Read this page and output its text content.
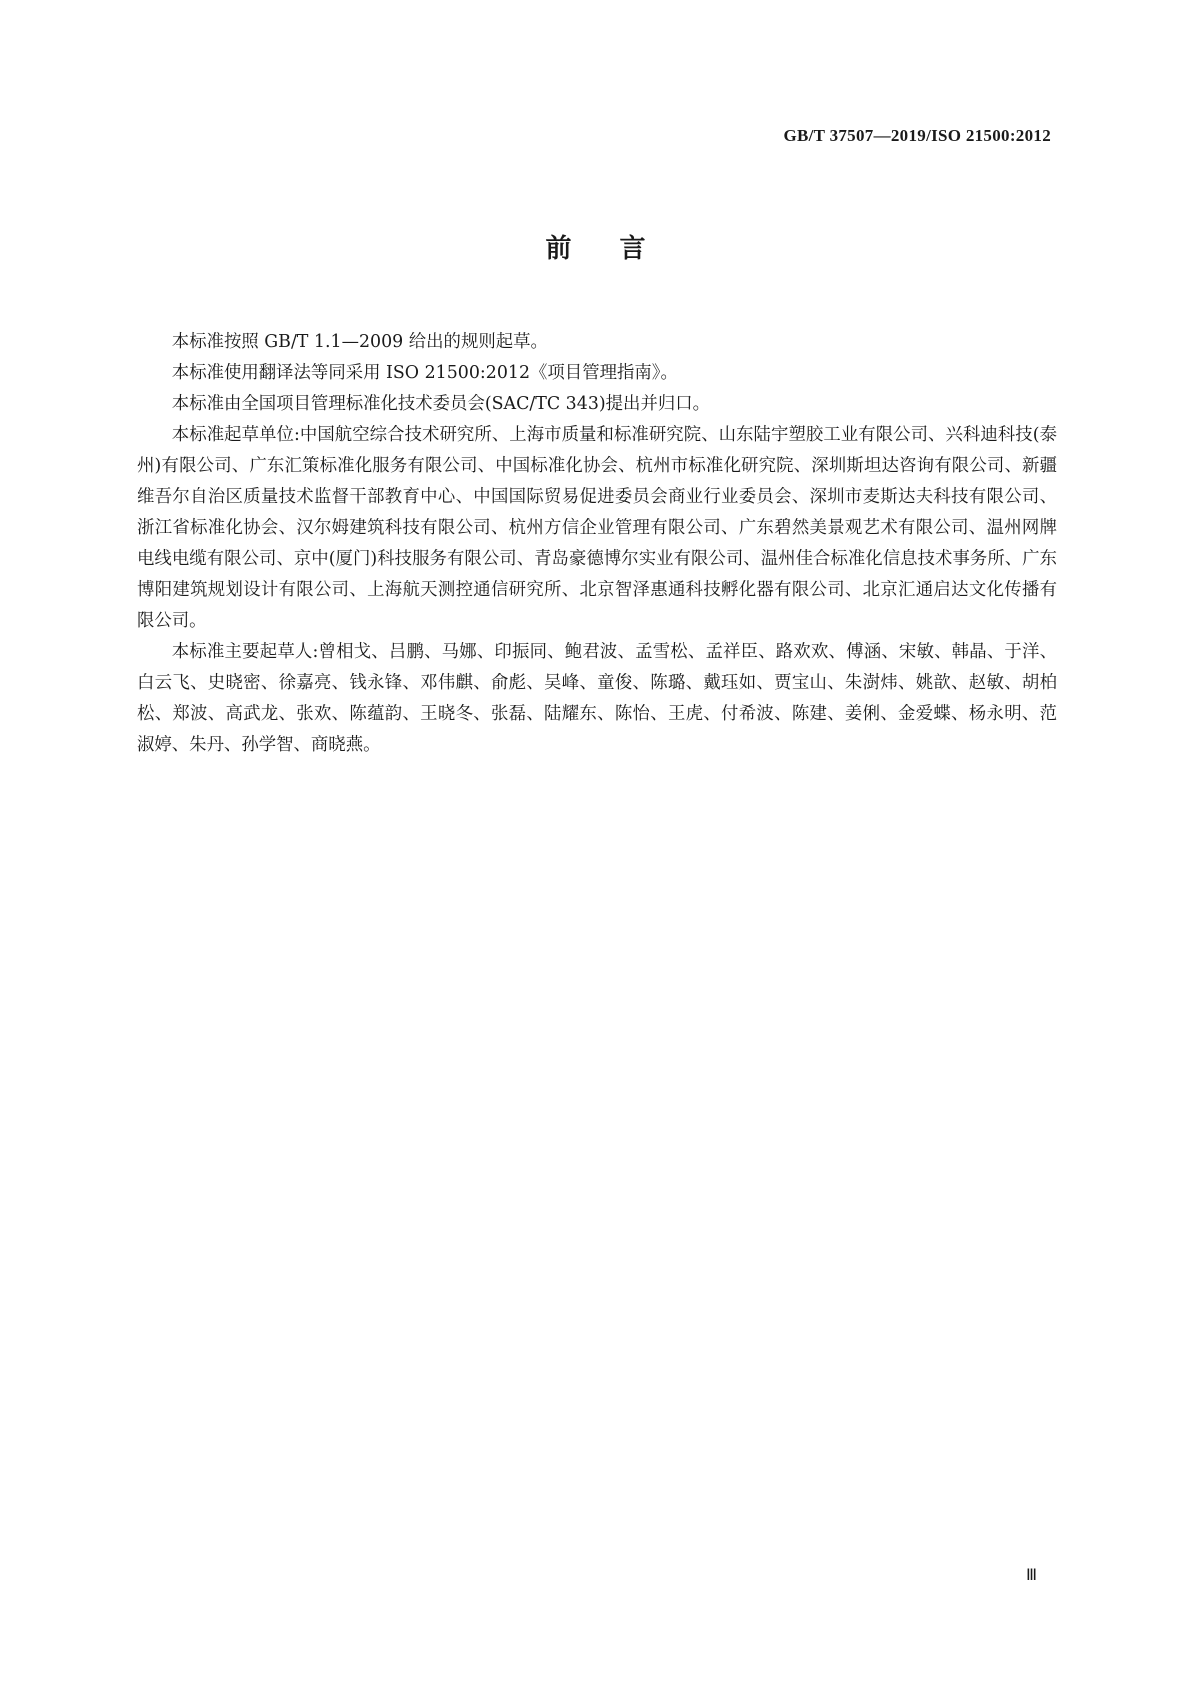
GB/T 37507—2019/ISO 21500:2012
前言

本标准按照 GB/T 1.1—2009 给出的规则起草。

本标准使用翻译法等同采用 ISO 21500:2012《项目管理指南》。

本标准由全国项目管理标准化技术委员会(SAC/TC 343)提出并归口。

本标准起草单位:中国航空综合技术研究所、上海市质量和标准研究院、山东陆宇塑胶工业有限公司、兴科迪科技(泰州)有限公司、广东汇策标准化服务有限公司、中国标准化协会、杭州市标准化研究院、深圳斯坦达咨询有限公司、新疆维吾尔自治区质量技术监督干部教育中心、中国国际贸易促进委员会商业行业委员会、深圳市麦斯达夫科技有限公司、浙江省标准化协会、汉尔姆建筑科技有限公司、杭州方信企业管理有限公司、广东碧然美景观艺术有限公司、温州网牌电线电缆有限公司、京中(厦门)科技服务有限公司、青岛豪德博尔实业有限公司、温州佳合标准化信息技术事务所、广东博阳建筑规划设计有限公司、上海航天测控通信研究所、北京智泽惠通科技孵化器有限公司、北京汇通启达文化传播有限公司。

本标准主要起草人:曾相戈、吕鹏、马娜、印振同、鲍君波、孟雪松、孟祥臣、路欢欢、傅涵、宋敏、韩晶、于洋、白云飞、史晓密、徐嘉亮、钱永锋、邓伟麒、俞彪、吴峰、童俊、陈璐、戴珏如、贾宝山、朱澍炜、姚歆、赵敏、胡柏松、郑波、高武龙、张欢、陈蕴韵、王晓冬、张磊、陆耀东、陈怡、王虎、付希波、陈建、姜俐、金爱蝶、杨永明、范淑婷、朱丹、孙学智、商晓燕。

Ⅲ
